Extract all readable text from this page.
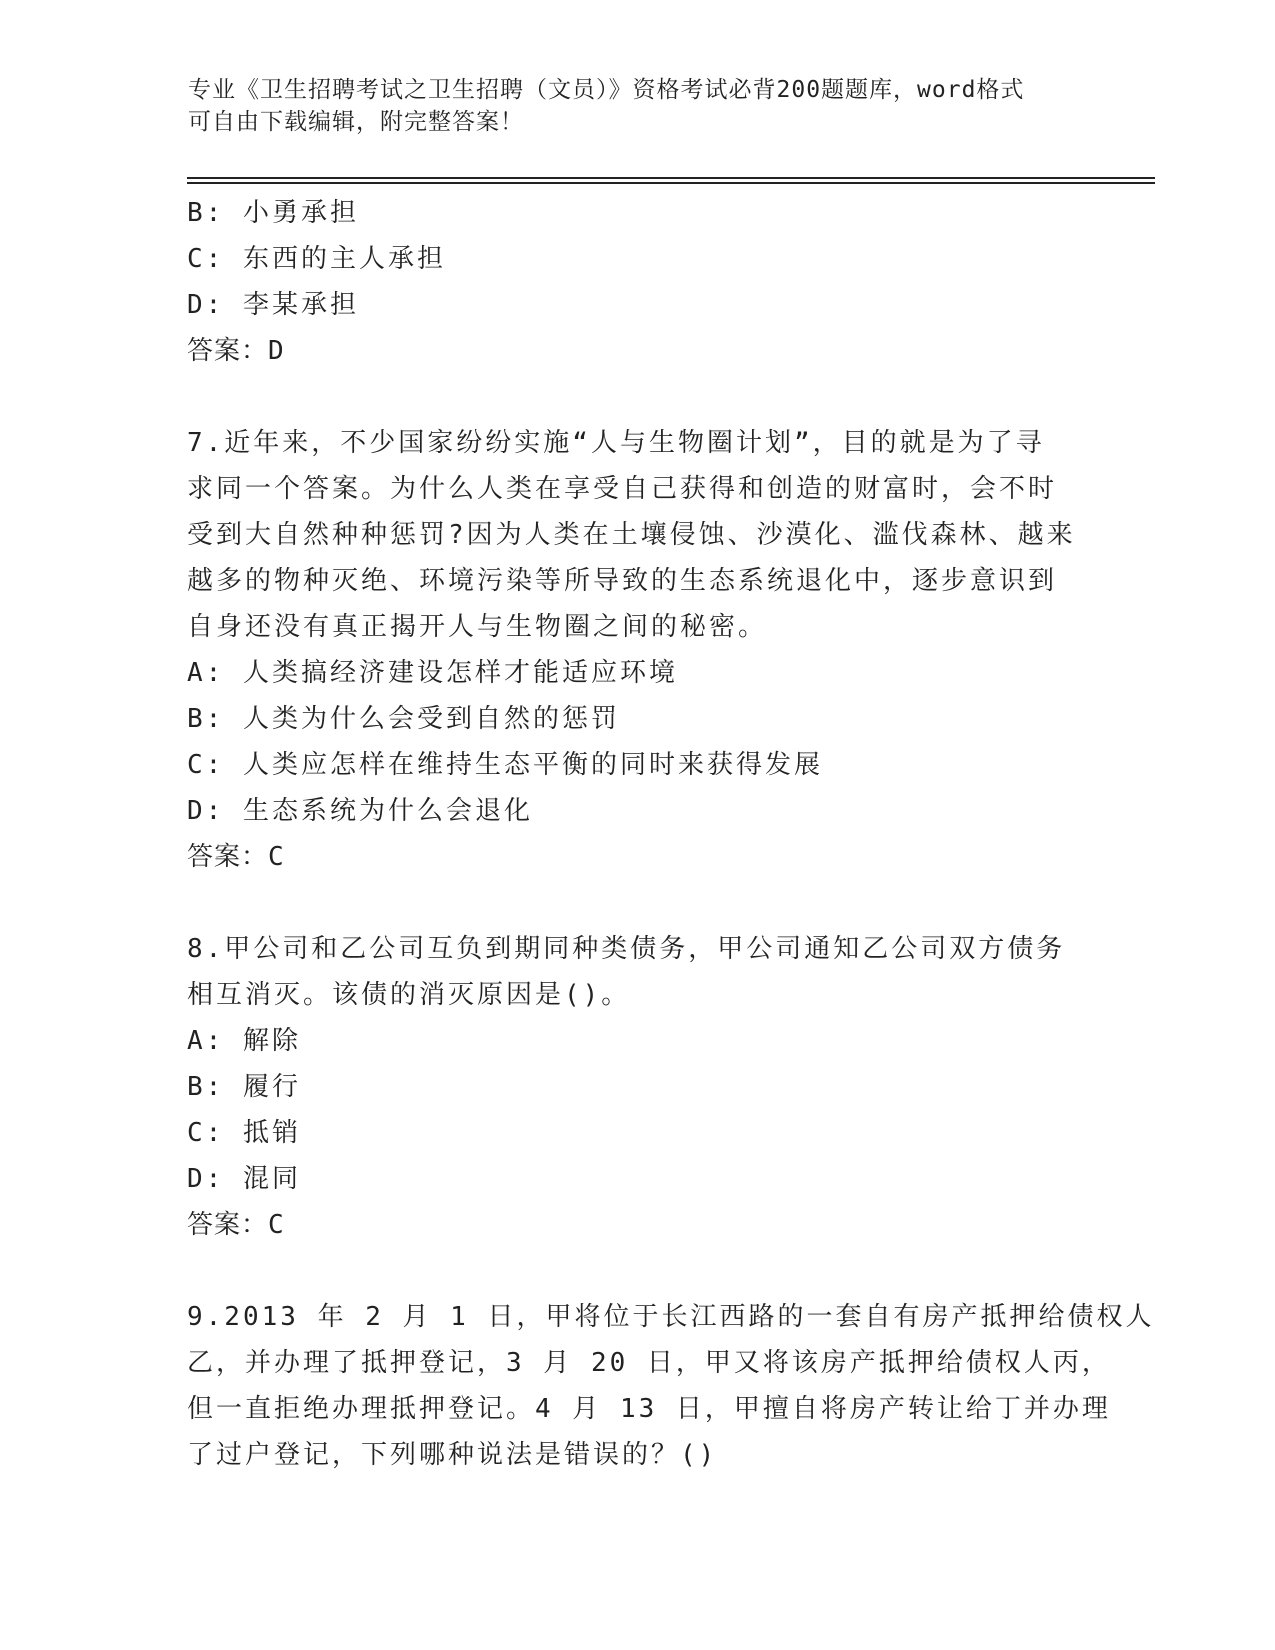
专业《卫生招聘考试之卫生招聘（文员）》资格考试必背200题题库，word格式
可自由下载编辑，附完整答案！
B: 小勇承担
C: 东西的主人承担
D: 李某承担
答案：D
7.近年来，不少国家纷纷实施“人与生物圈计划”，目的就是为了寻
求同一个答案。为什么人类在享受自己获得和创造的财富时，会不时
受到大自然种种惩罚?因为人类在土壤侵蚀、沙漠化、滥伐森林、越来
越多的物种灭绝、环境污染等所导致的生态系统退化中，逐步意识到
自身还没有真正揭开人与生物圈之间的秘密。
A: 人类搞经济建设怎样才能适应环境
B: 人类为什么会受到自然的惩罚
C: 人类应怎样在维持生态平衡的同时来获得发展
D: 生态系统为什么会退化
答案：C
8.甲公司和乙公司互负到期同种类债务，甲公司通知乙公司双方债务
相互消灭。该债的消灭原因是()。
A: 解除
B: 履行
C: 抵销
D: 混同
答案：C
9.2013 年 2 月 1 日，甲将位于长江西路的一套自有房产抵押给债权人
乙，并办理了抵押登记，3 月 20 日，甲又将该房产抵押给债权人丙，
但一直拒绝办理抵押登记。4 月 13 日，甲擅自将房产转让给丁并办理
了过户登记，下列哪种说法是错误的？()
